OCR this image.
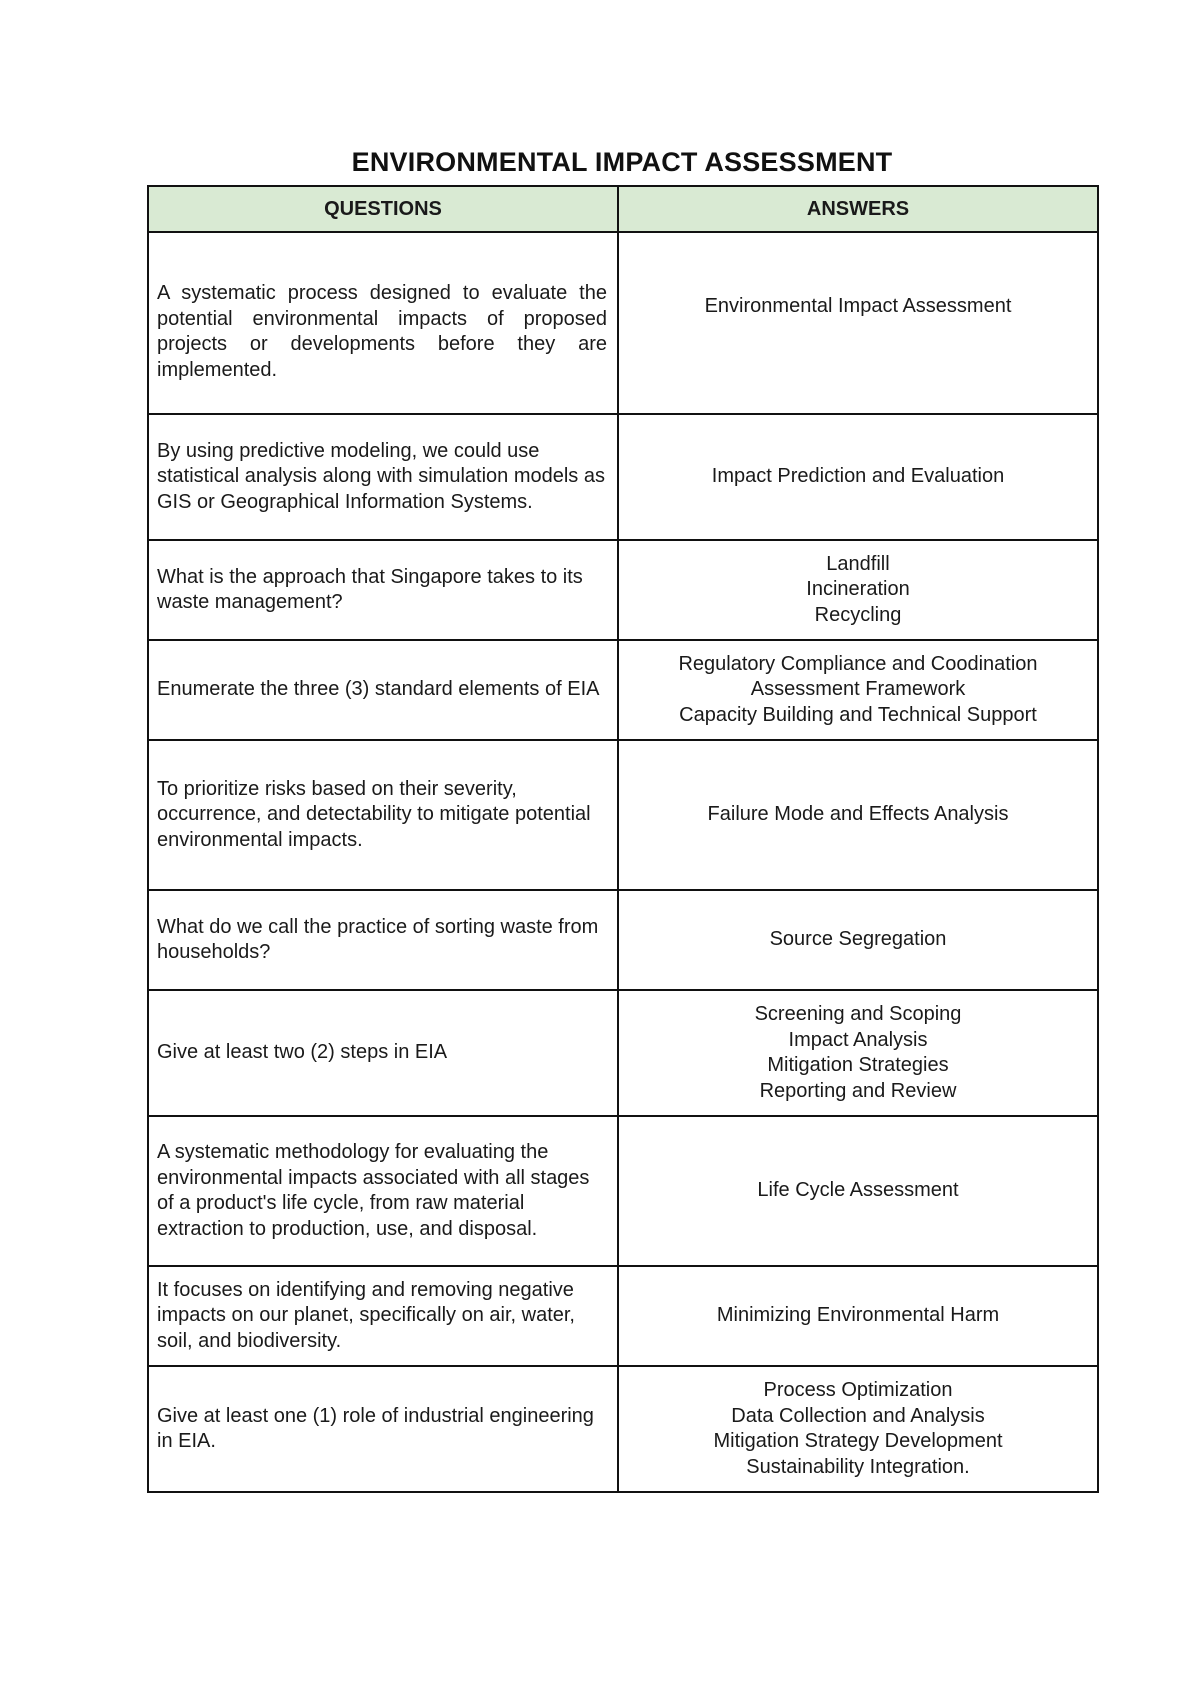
ENVIRONMENTAL IMPACT ASSESSMENT
QUESTIONS	ANSWERS
A systematic process designed to evaluate the potential environmental impacts of proposed projects or developments before they are implemented.	Environmental Impact Assessment

By using predictive modeling, we could use statistical analysis along with simulation models as GIS or Geographical Information Systems.	Impact Prediction and Evaluation

What is the approach that Singapore takes to its waste management?	Landfill
Incineration
Recycling

Enumerate the three (3) standard elements of EIA	Regulatory Compliance and Coodination
Assessment Framework
Capacity Building and Technical Support

To prioritize risks based on their severity, occurrence, and detectability to mitigate potential environmental impacts.	Failure Mode and Effects Analysis

What do we call the practice of sorting waste from households?	Source Segregation

Give at least two (2) steps in EIA	Screening and Scoping
Impact Analysis
Mitigation Strategies
Reporting and Review

A systematic methodology for evaluating the environmental impacts associated with all stages of a product's life cycle, from raw material extraction to production, use, and disposal.	Life Cycle Assessment

It focuses on identifying and removing negative impacts on our planet, specifically on air, water, soil, and biodiversity.	Minimizing Environmental Harm

Give at least one (1) role of industrial engineering in EIA.	Process Optimization
Data Collection and Analysis
Mitigation Strategy Development
Sustainability Integration.
